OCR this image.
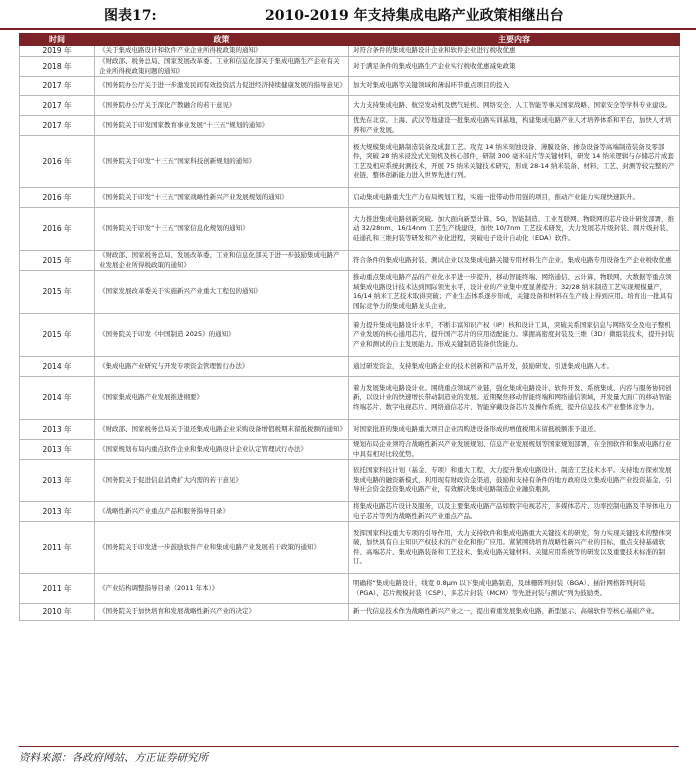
图表17:	2010-2019 年支持集成电路产业政策相继出台
时间	政策	主要内容
2019 年	《关于集成电路设计和软件产业企业所得税政策的通知》	对符合条件的集成电路设计企业和软件企业进行税收优惠
2018 年	《财政部、税务总局、国家发展改革委、工业和信息化部关于集成电路生产企业有关企业所得税政策问题的通知》	对于满足条件的集成电路生产企业实行税收优惠减免政策
2017 年	《国务院办公厅关于进一步激发民间有效投资活力促进经济持续健康发展的指导意见》	加大对集成电路等关键领域和薄弱环节重点项目的投入
2017 年	《国务院办公厅关于深化产教融合的若干意见》	大力支持集成电路、航空发动机及燃气轮机、网络安全、人工智能等事关国家战略、国家安全等学科专业建设。
2017 年	《国务院关于印发国家教育事业发展“十三五”规划的通知》	优先在北京、上海、武汉等地建设一批集成电路实训基地，构建集成电路产业人才培养体系和平台，加快人才培养和产业发展。
2016 年	《国务院关于印发“十三五”国家科技创新规划的通知》	极大规模集成电路制造装备及成套工艺。攻克 14 纳米刻蚀设备、薄膜设备、掺杂设备等高端制造装备及零部件，突破 28 纳米浸没式光刻机及核心部件，研制 300 毫米硅片等关键材料，研发 14 纳米逻辑与存储芯片成套工艺及相应系统封测技术，开展 75 纳米关键技术研究，形成 28-14 纳米装备、材料、工艺、封测等较完整的产业链，整体创新能力进入世界先进行列。
2016 年	《国务院关于印发“十三五”国家战略性新兴产业发展规划的通知》	启动集成电路重大生产力布局规划工程，实施一批带动作用强的项目，推动产业能力实现快速跃升。
2016 年	《国务院关于印发“十三五”国家信息化规划的通知》	大力推进集成电路创新突破。加大面向新型计算、5G、智能制造、工业互联网、物联网的芯片设计研发部署，推动 32/28nm、16/14nm 工艺生产线建设，加快 10/7nm 工艺技术研发，大力发展芯片级封装、圆片级封装、硅通孔和三维封装等研发和产业化进程，突破电子设计自动化（EDA）软件。
2015 年	《财政部、国家税务总局、发展改革委、工业和信息化部关于进一步鼓励集成电路产业发展企业所得税政策的通知》	符合条件的集成电路封装、测试企业以及集成电路关键专用材料生产企业、集成电路专用设备生产企业税收优惠
2015 年	《国家发展改革委关于实施新兴产业重大工程包的通知》	推动重点集成电路产品的产业化水平进一步提升，移动智能终端、网络通信、云计算、物联网、大数据等重点领域集成电路设计技术达到国际领先水平，设计业的产业集中度显著提升；32/28 纳米制造工艺实现规模量产，16/14 纳米工艺技术取得突破；产业生态体系逐步形成，关键设备和材料在生产线上得到应用。培育出一批具有国际竞争力的集成电路龙头企业。
2015 年	《国务院关于印发《中国制造 2025》的通知》	着力提升集成电路设计水平，不断丰富知识产权（IP）核和设计工具，突破关系国家信息与网络安全及电子整机产业发展的核心通用芯片，提升国产芯片的应用适配能力。掌握高密度封装及三维（3D）微组装技术，提升封装产业和测试的自主发展能力。形成关键制造装备供货能力。
2014 年	《集成电路产业研究与开发专项资金管理暂行办法》	通过研发资金，支持集成电路企业的技术创新和产品开发，鼓励研发、引进集成电路人才。
2014 年	《国家集成电路产业发展推进纲要》	着力发展集成电路设计业。围绕重点领域产业链，强化集成电路设计、软件开发、系统集成、内容与服务协同创新，以设计业的快速增长带动制造业的发展。近期聚焦移动智能终端和网络通信领域，开发量大面广的移动智能终端芯片、数字电视芯片、网络通信芯片、智能穿戴设备芯片及操作系统，提升信息技术产业整体竞争力。
2013 年	《财政部、国家税务总局关于退还集成电路企业采购设备增值税期末留抵税额的通知》	对国家批准的集成电路重大项目企业因购进设备形成的增值税期末留抵税额准予退还。
2013 年	《国家规划布局内重点软件企业和集成电路设计企业认定管理试行办法》	规划布局企业须符合战略性新兴产业发展规划、信息产业发展规划等国家规划部署，在全国软件和集成电路行业中具有相对比较优势。
2013 年	《国务院关于促进信息消费扩大内需的若干意见》	依托国家科技计划（基金、专项）和重大工程，大力提升集成电路设计、制造工艺技术水平。支持地方探索发展集成电路的融资新模式，利用现有财政资金渠道，鼓励和支持有条件的地方政府设立集成电路产业投资基金，引导社会资金投资集成电路产业，有效解决集成电路制造企业融资瓶颈。
2013 年	《战略性新兴产业重点产品和服务指导目录》	将集成电路芯片设计及服务，以及主要集成电路产品如数字电视芯片、多媒体芯片、功率控制电路及半导体电力电子芯片等列为战略性新兴产业重点产品。
2011 年	《国务院关于印发进一步鼓励软件产业和集成电路产业发展若干政策的通知》	发挥国家科技重大专项的引导作用，大力支持软件和集成电路重大关键技术的研发，努力实现关键技术的整体突破，加快具有自主知识产权技术的产业化和推广应用。紧紧围绕培育战略性新兴产业的目标，重点支持基础软件、高端芯片、集成电路装备和工艺技术、集成电路关键材料、关键应用系统等的研发以及重要技术标准的制订。
2011 年	《产业结构调整指导目录（2011 年本）》	明确将“集成电路设计，线宽 0.8μm 以下集成电路制造，及球栅阵列封装（BGA）、插针网格阵列封装（PGA）、芯片规模封装（CSP）、多芯片封装（MCM）等先进封装与测试”列为鼓励类。
2010 年	《国务院关于加快培育和发展战略性新兴产业的决定》	新一代信息技术作为战略性新兴产业之一，提出着重发展集成电路、新型显示、高端软件等核心基础产业。
资料来源：各政府网站、方正证券研究所
